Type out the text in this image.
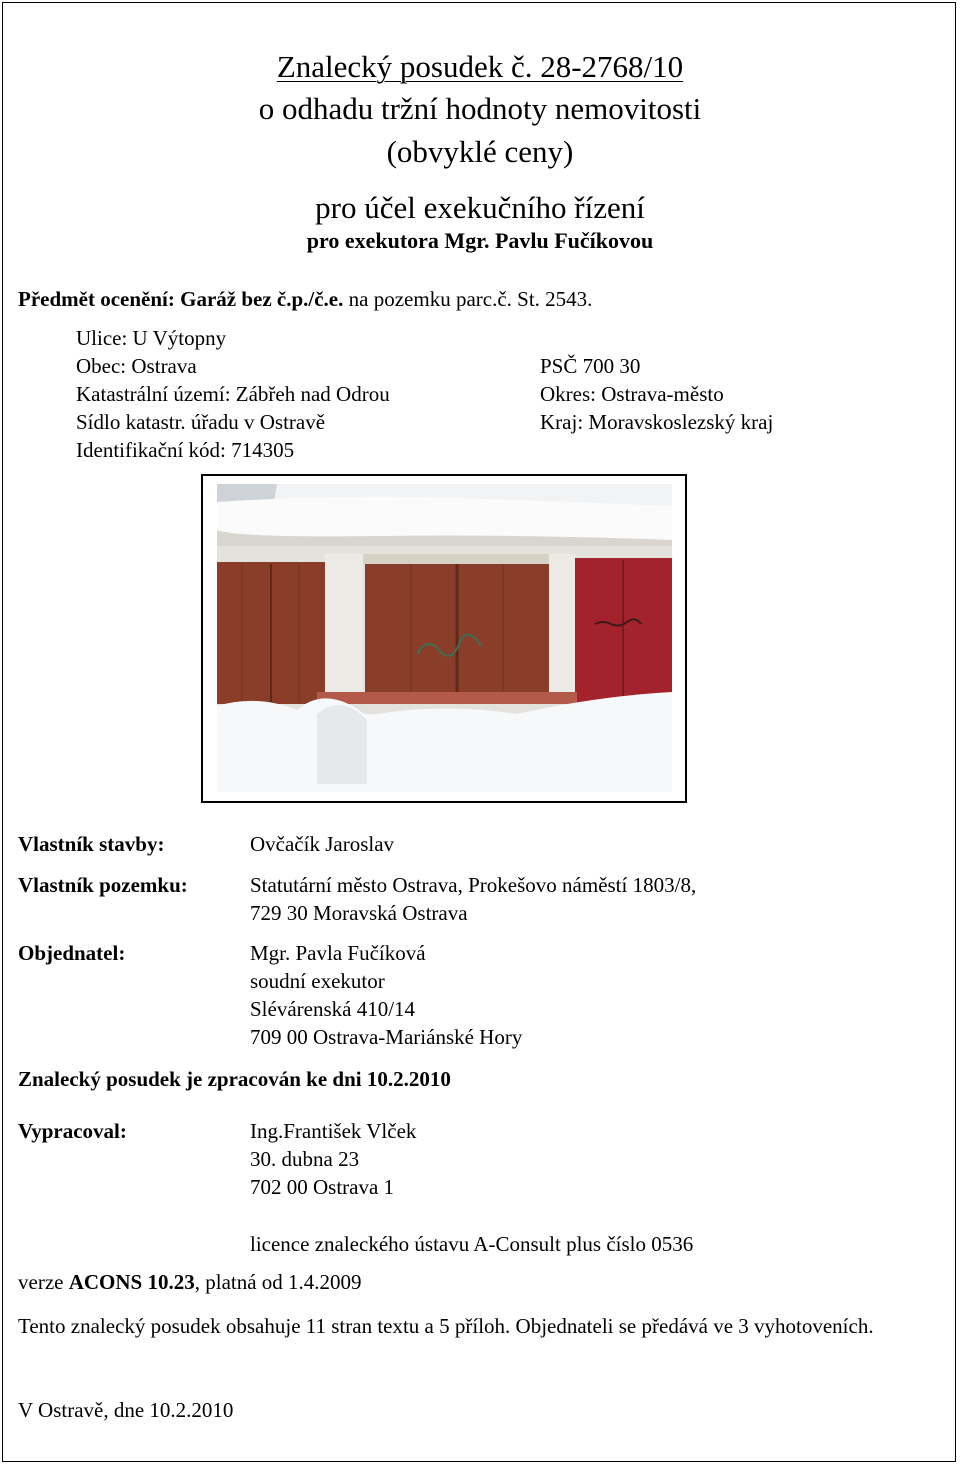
Znalecký posudek č. 28-2768/10
o odhadu tržní hodnoty nemovitosti
(obvyklé ceny)
pro účel exekučního řízení
pro exekutora Mgr. Pavlu Fučíkovou
Předmět ocenění: Garáž bez č.p./č.e. na pozemku parc.č. St. 2543.
Ulice: U Výtopny
Obec: Ostrava	PSČ 700 30
Katastrální území: Zábřeh nad Odrou	Okres: Ostrava-město
Sídlo katastr. úřadu v Ostravě	Kraj: Moravskoslezský kraj
Identifikační kód: 714305
Vlastník stavby:	Ovčačík Jaroslav
Vlastník pozemku:	Statutární město Ostrava, Prokešovo náměstí 1803/8,
729 30 Moravská Ostrava
Objednatel:	Mgr. Pavla Fučíková
soudní exekutor
Slévárenská 410/14
709 00 Ostrava-Mariánské Hory
Znalecký posudek je zpracován ke dni 10.2.2010
Vypracoval:	Ing.František Vlček
30. dubna 23
702 00 Ostrava 1
licence znaleckého ústavu A-Consult plus číslo 0536
verze ACONS 10.23, platná od 1.4.2009
Tento znalecký posudek obsahuje 11 stran textu a 5 příloh. Objednateli se předává ve 3 vyhotoveních.
V Ostravě, dne 10.2.2010
